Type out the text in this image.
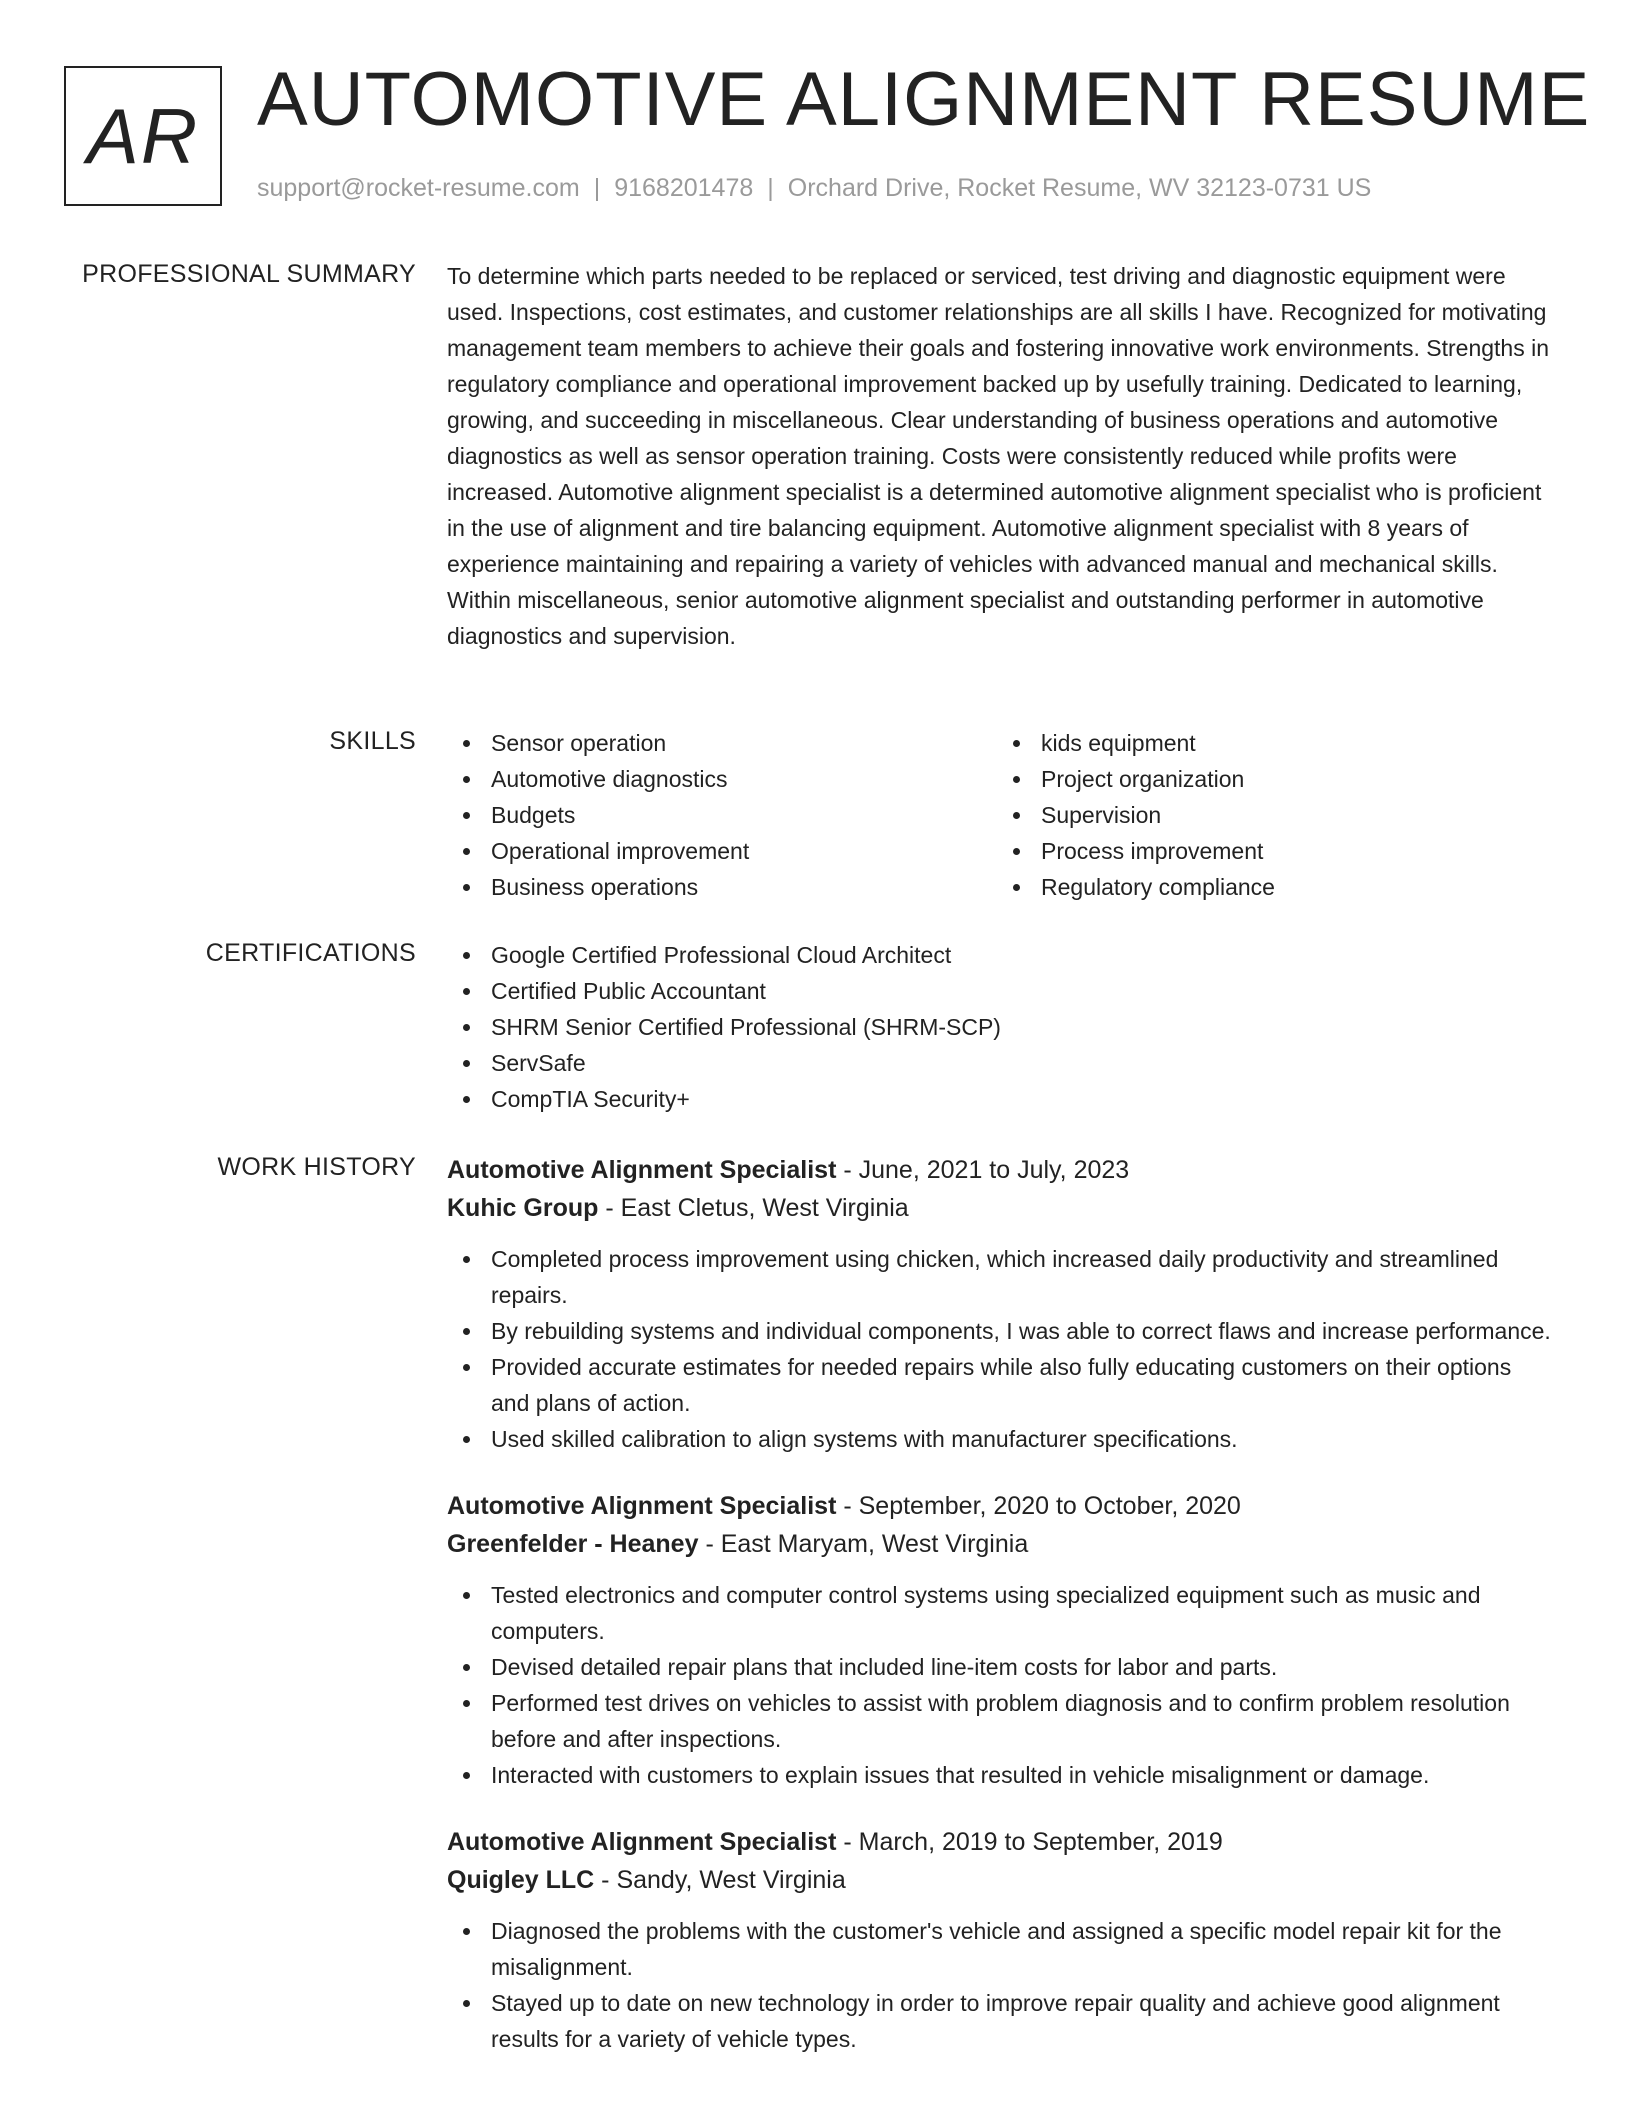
AR AUTOMOTIVE ALIGNMENT RESUME
support@rocket-resume.com | 9168201478 | Orchard Drive, Rocket Resume, WV 32123-0731 US
PROFESSIONAL SUMMARY To determine which parts needed to be replaced or serviced, test driving and diagnostic equipment were used. Inspections, cost estimates, and customer relationships are all skills I have. Recognized for motivating management team members to achieve their goals and fostering innovative work environments. Strengths in regulatory compliance and operational improvement backed up by usefully training. Dedicated to learning, growing, and succeeding in miscellaneous. Clear understanding of business operations and automotive diagnostics as well as sensor operation training. Costs were consistently reduced while profits were increased. Automotive alignment specialist is a determined automotive alignment specialist who is proficient in the use of alignment and tire balancing equipment. Automotive alignment specialist with 8 years of experience maintaining and repairing a variety of vehicles with advanced manual and mechanical skills. Within miscellaneous, senior automotive alignment specialist and outstanding performer in automotive diagnostics and supervision.

SKILLS	Sensor operation
Automotive diagnostics
Budgets
Operational improvement
Business operations
kids equipment
Project organization
Supervision
Process improvement
Regulatory compliance
CERTIFICATIONS	Google Certified Professional Cloud Architect
Certified Public Accountant
SHRM Senior Certified Professional (SHRM-SCP)
ServSafe
CompTIA Security+
WORK HISTORY Automotive Alignment Specialist - June, 2021 to July, 2023
Kuhic Group - East Cletus, West Virginia
Completed process improvement using chicken, which increased daily productivity and streamlined repairs.
By rebuilding systems and individual components, I was able to correct flaws and increase performance.
Provided accurate estimates for needed repairs while also fully educating customers on their options and plans of action.
Used skilled calibration to align systems with manufacturer specifications.
Automotive Alignment Specialist - September, 2020 to October, 2020
Greenfelder - Heaney - East Maryam, West Virginia
Tested electronics and computer control systems using specialized equipment such as music and computers.
Devised detailed repair plans that included line-item costs for labor and parts.
Performed test drives on vehicles to assist with problem diagnosis and to confirm problem resolution before and after inspections.
Interacted with customers to explain issues that resulted in vehicle misalignment or damage.
Automotive Alignment Specialist - March, 2019 to September, 2019
Quigley LLC - Sandy, West Virginia
Diagnosed the problems with the customer's vehicle and assigned a specific model repair kit for the misalignment.
Stayed up to date on new technology in order to improve repair quality and achieve good alignment results for a variety of vehicle types.
